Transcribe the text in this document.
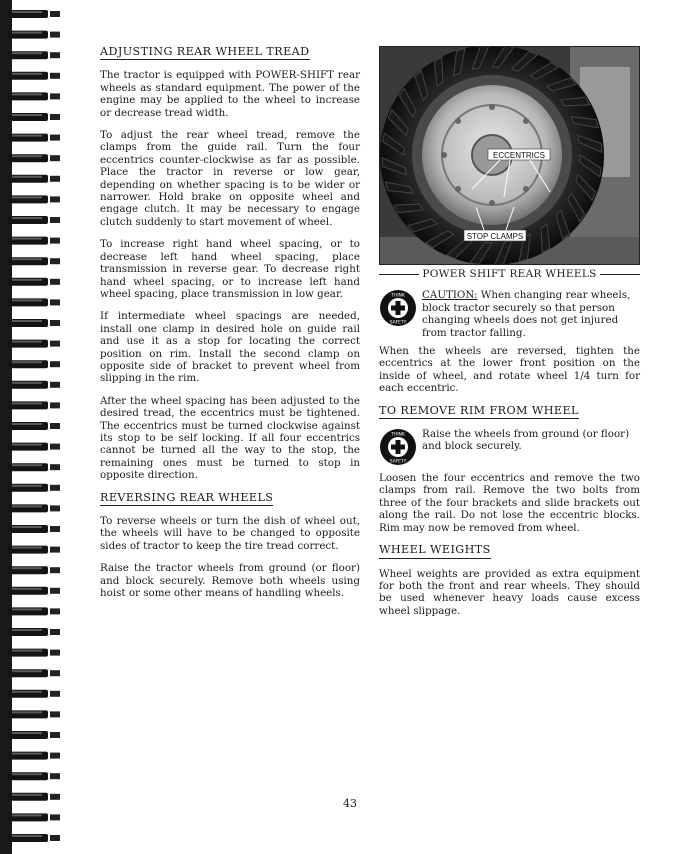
ADJUSTING REAR WHEEL TREAD

The tractor is equipped with POWER-SHIFT rear wheels as standard equipment. The power of the engine may be applied to the wheel to increase or decrease tread width.

To adjust the rear wheel tread, remove the clamps from the guide rail. Turn the four eccentrics counter-clockwise as far as possible. Place the tractor in reverse or low gear, depending on whether spacing is to be wider or narrower. Hold brake on opposite wheel and engage clutch. It may be necessary to engage clutch suddenly to start movement of wheel.

To increase right hand wheel spacing, or to decrease left hand wheel spacing, place transmission in reverse gear. To decrease right hand wheel spacing, or to increase left hand wheel spacing, place transmission in low gear.

If intermediate wheel spacings are needed, install one clamp in desired hole on guide rail and use it as a stop for locating the correct position on rim. Install the second clamp on opposite side of bracket to prevent wheel from slipping in the rim.

After the wheel spacing has been adjusted to the desired tread, the eccentrics must be tightened. The eccentrics must be turned clockwise against its stop to be self locking. If all four eccentrics cannot be turned all the way to the stop, the remaining ones must be turned to stop in opposite direction.

REVERSING REAR WHEELS

To reverse wheels or turn the dish of wheel out, the wheels will have to be changed to opposite sides of tractor to keep the tire tread correct.

Raise the tractor wheels from ground (or floor) and block securely. Remove both wheels using hoist or some other means of handling wheels.

ECCENTRICS
STOP CLAMPS
POWER SHIFT REAR WHEELS
THINK
SAFETY
CAUTION: When changing rear wheels, block tractor securely so that person changing wheels does not get injured from tractor falling.

When the wheels are reversed, tighten the eccentrics at the lower front position on the inside of wheel, and rotate wheel 1/4 turn for each eccentric.

TO REMOVE RIM FROM WHEEL
THINK
SAFETY
Raise the wheels from ground (or floor) and block securely.

Loosen the four eccentrics and remove the two clamps from rail. Remove the two bolts from three of the four brackets and slide brackets out along the rail. Do not lose the eccentric blocks. Rim may now be removed from wheel.

WHEEL WEIGHTS

Wheel weights are provided as extra equipment for both the front and rear wheels. They should be used whenever heavy loads cause excess wheel slippage.

43
